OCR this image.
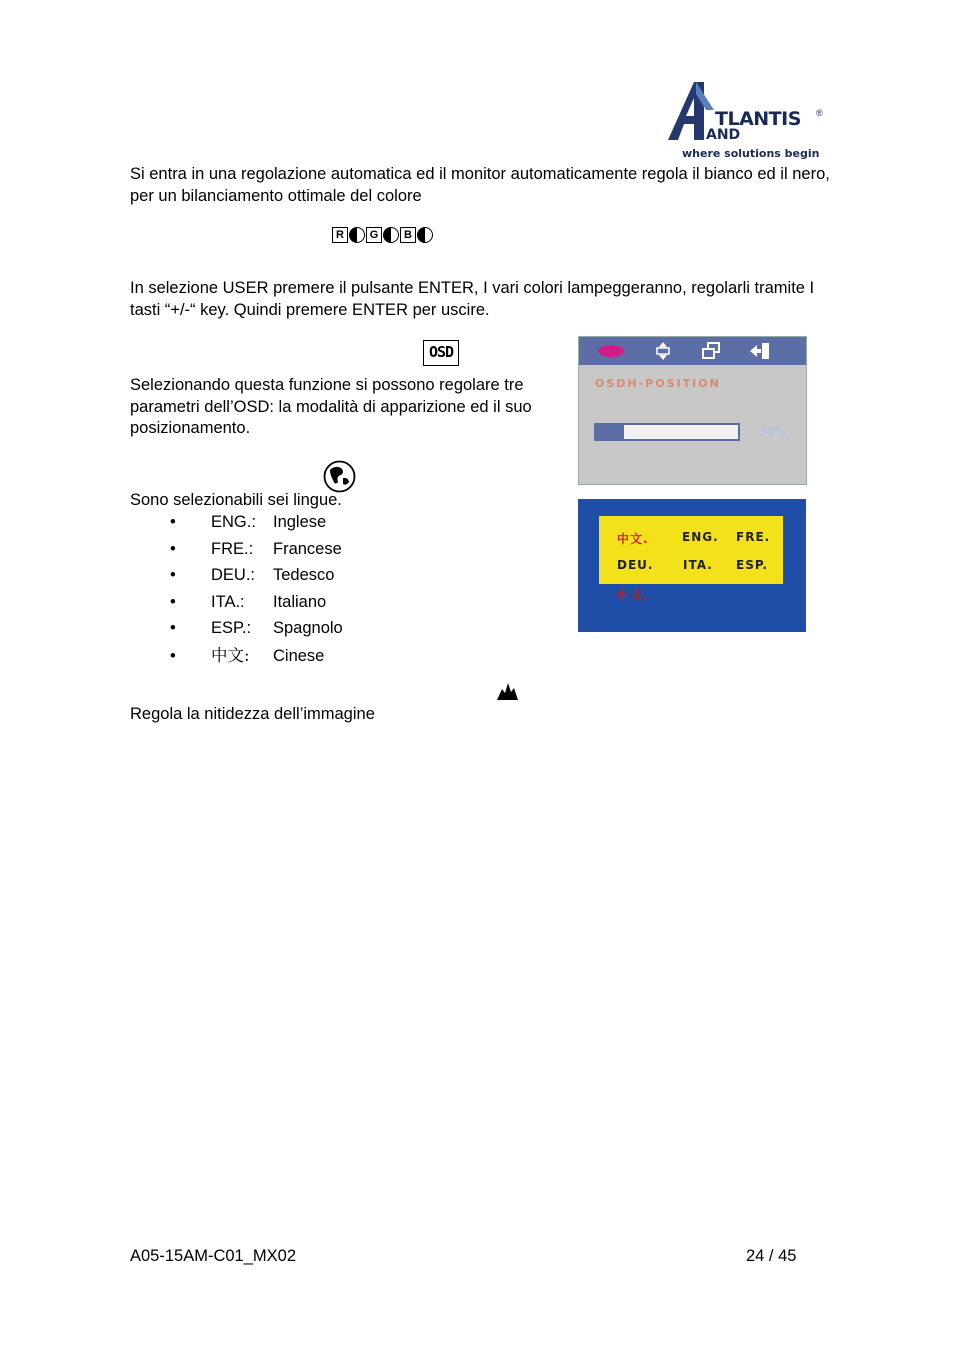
TLANTIS ®
AND
where solutions begin
Si entra in una regolazione automatica ed il monitor automaticamente regola il bianco ed il nero, per un bilanciamento ottimale del colore
R G B
In selezione USER premere il pulsante ENTER, I vari colori lampeggeranno, regolarli tramite I tasti “+/-“ key. Quindi premere ENTER per uscire.
OSD
Selezionando questa funzione si possono regolare tre parametri dell’OSD: la modalità di apparizione ed il suo posizionamento.
OSDH-POSITION
30%
Sono selezionabili sei lingue.
•	ENG.: Inglese
•	FRE.: Francese
•	DEU.: Tedesco
•	ITA.: Italiano
•	ESP.: Spagnolo
•	中文: Cinese
中文.	ENG. FRE.
DEU. ITA. ESP.
中文.
Regola la nitidezza dell’immagine
A05-15AM-C01_MX02	24 / 45
